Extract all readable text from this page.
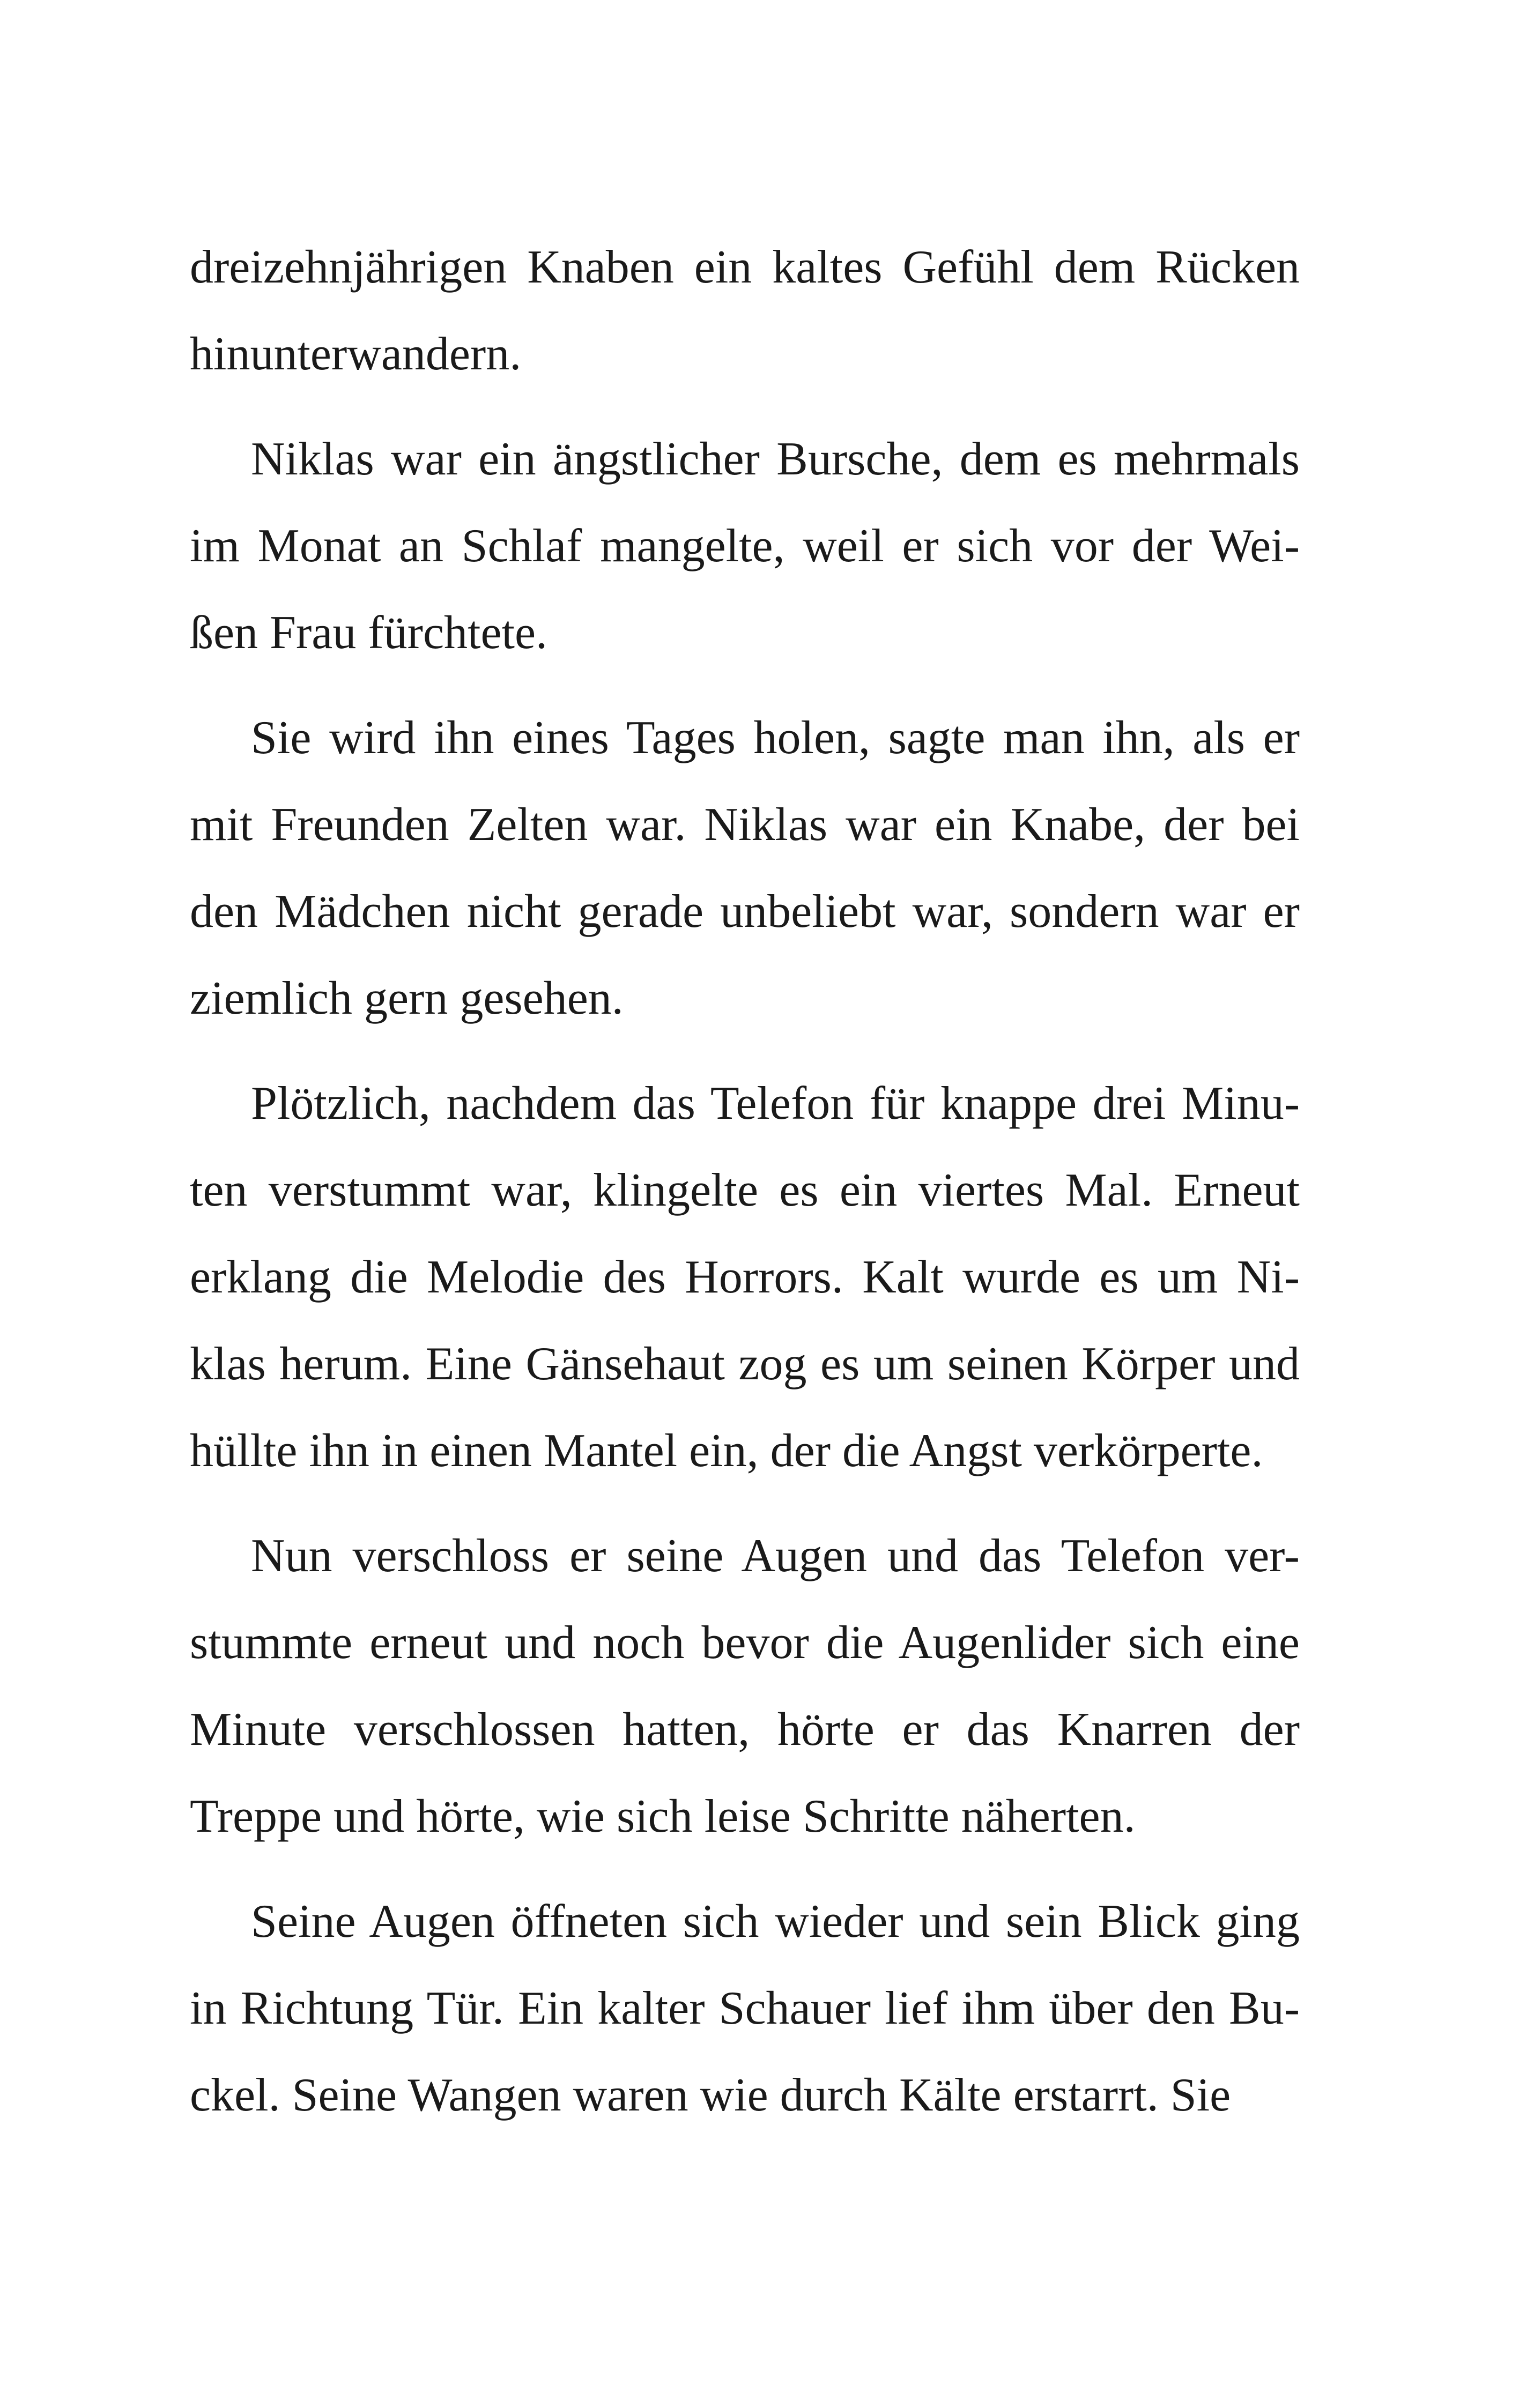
dreizehnjährigen Knaben ein kaltes Gefühl dem Rücken
hinunterwandern.

Niklas war ein ängstlicher Bursche, dem es mehrmals
im Monat an Schlaf mangelte, weil er sich vor der Wei-
ßen Frau fürchtete.

Sie wird ihn eines Tages holen, sagte man ihn, als er
mit Freunden Zelten war. Niklas war ein Knabe, der bei
den Mädchen nicht gerade unbeliebt war, sondern war er
ziemlich gern gesehen.

Plötzlich, nachdem das Telefon für knappe drei Minu-
ten verstummt war, klingelte es ein viertes Mal. Erneut
erklang die Melodie des Horrors. Kalt wurde es um Ni-
klas herum. Eine Gänsehaut zog es um seinen Körper und
hüllte ihn in einen Mantel ein, der die Angst verkörperte.

Nun verschloss er seine Augen und das Telefon ver-
stummte erneut und noch bevor die Augenlider sich eine
Minute verschlossen hatten, hörte er das Knarren der
Treppe und hörte, wie sich leise Schritte näherten.

Seine Augen öffneten sich wieder und sein Blick ging
in Richtung Tür. Ein kalter Schauer lief ihm über den Bu-
ckel. Seine Wangen waren wie durch Kälte erstarrt. Sie
